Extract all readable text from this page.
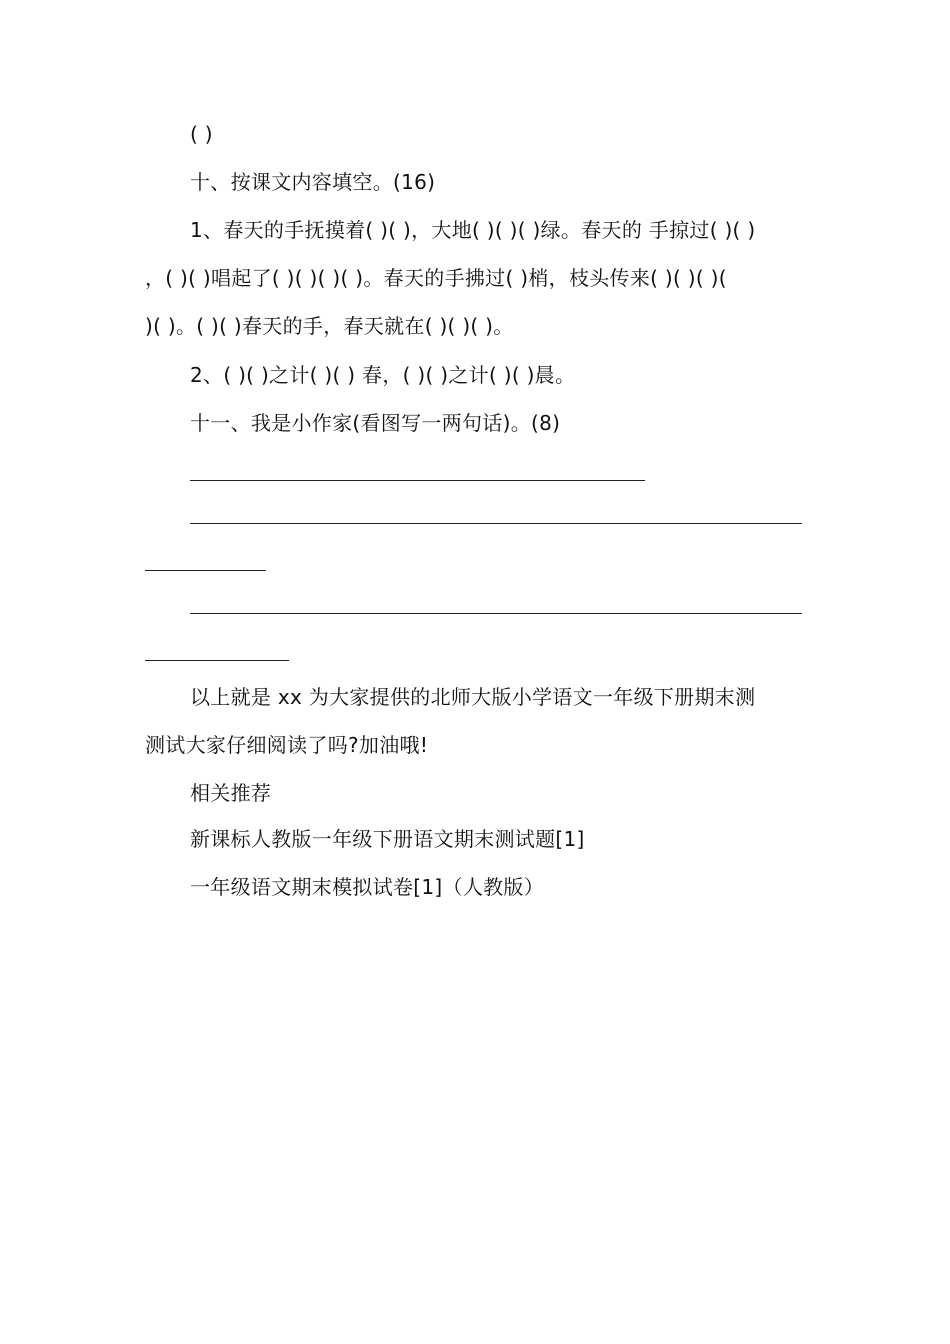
( )
十、按课文内容填空。(16)
1、春天的手抚摸着( )( )，大地( )( )( )绿。春天的 手掠过( )( )
，( )( )唱起了( )( )( )( )。春天的手拂过( )梢，枝头传来( )( )( )(
)( )。( )( )春天的手，春天就在( )( )( )。
2、( )( )之计( )( ) 春，( )( )之计( )( )晨。
十一、我是小作家(看图写一两句话)。(8)
以上就是 xx 为大家提供的北师大版小学语文一年级下册期末测
测试大家仔细阅读了吗?加油哦!
相关推荐
新课标人教版一年级下册语文期末测试题[1]
一年级语文期末模拟试卷[1]（人教版）
